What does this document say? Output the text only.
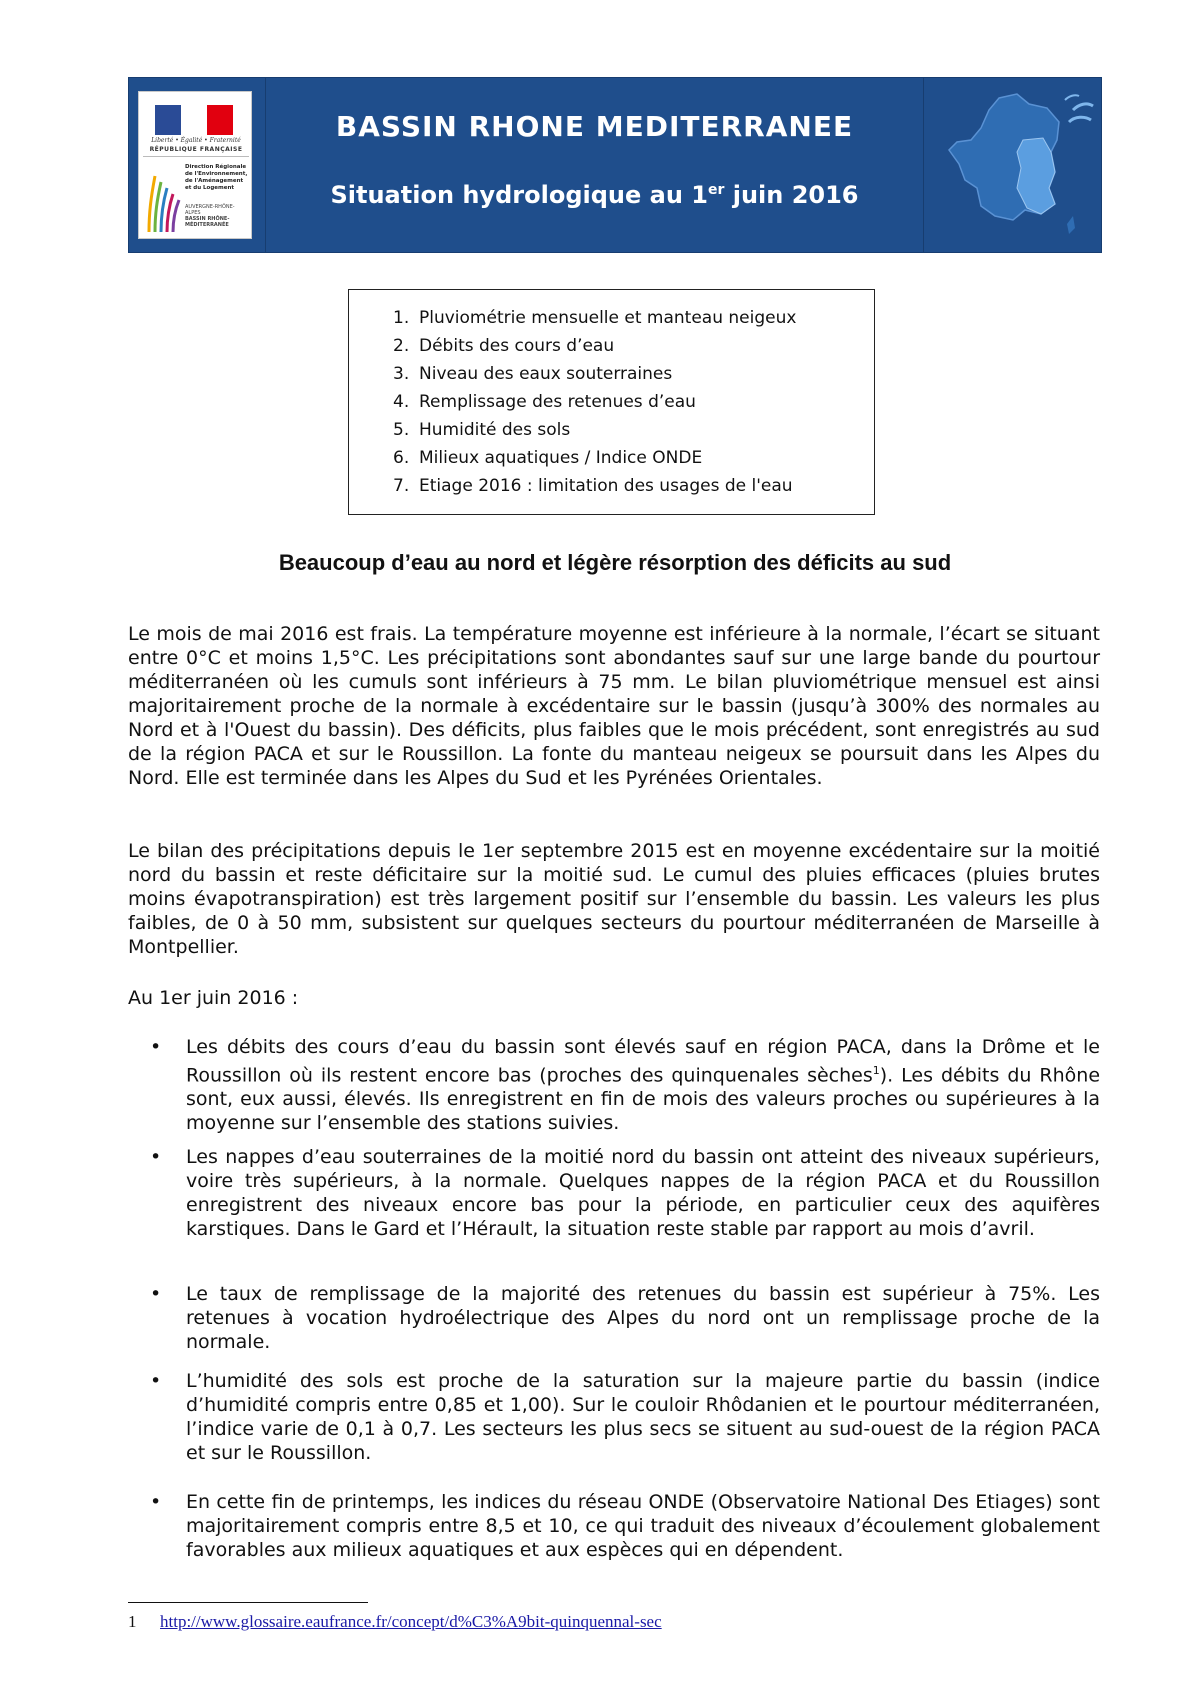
Liberté • Égalité • Fraternité
RÉPUBLIQUE FRANÇAISE
Direction Régionale de l'Environnement, de l'Aménagement et du Logement
AUVERGNE-RHÔNE-ALPES
BASSIN RHÔNE-MÉDITERRANÉE
BASSIN RHONE MEDITERRANEE
Situation hydrologique au 1er juin 2016
1. Pluviométrie mensuelle et manteau neigeux
2. Débits des cours d’eau
3. Niveau des eaux souterraines
4. Remplissage des retenues d’eau
5. Humidité des sols
6. Milieux aquatiques / Indice ONDE
7. Etiage 2016 : limitation des usages de l'eau
Beaucoup d’eau au nord et légère résorption des déficits au sud

Le mois de mai 2016 est frais. La température moyenne est inférieure à la normale, l’écart se situant entre 0°C et moins 1,5°C. Les précipitations sont abondantes sauf sur une large bande du pourtour méditerranéen où les cumuls sont inférieurs à 75 mm. Le bilan pluviométrique mensuel est ainsi majoritairement proche de la normale à excédentaire sur le bassin (jusqu’à 300% des normales au Nord et à l'Ouest du bassin). Des déficits, plus faibles que le mois précédent, sont enregistrés au sud de la région PACA et sur le Roussillon. La fonte du manteau neigeux se poursuit dans les Alpes du Nord. Elle est terminée dans les Alpes du Sud et les Pyrénées Orientales.

Le bilan des précipitations depuis le 1er septembre 2015 est en moyenne excédentaire sur la moitié nord du bassin et reste déficitaire sur la moitié sud. Le cumul des pluies efficaces (pluies brutes moins évapotranspiration) est très largement positif sur l’ensemble du bassin. Les valeurs les plus faibles, de 0 à 50 mm, subsistent sur quelques secteurs du pourtour méditerranéen de Marseille à Montpellier.

Au 1er juin 2016 :

• Les débits des cours d’eau du bassin sont élevés sauf en région PACA, dans la Drôme et le Roussillon où ils restent encore bas (proches des quinquenales sèches$^1$). Les débits du Rhône sont, eux aussi, élevés. Ils enregistrent en fin de mois des valeurs proches ou supérieures à la moyenne sur l’ensemble des stations suivies.
• Les nappes d’eau souterraines de la moitié nord du bassin ont atteint des niveaux supérieurs, voire très supérieurs, à la normale. Quelques nappes de la région PACA et du Roussillon enregistrent des niveaux encore bas pour la période, en particulier ceux des aquifères karstiques. Dans le Gard et l’Hérault, la situation reste stable par rapport au mois d’avril.
• Le taux de remplissage de la majorité des retenues du bassin est supérieur à 75%. Les retenues à vocation hydroélectrique des Alpes du nord ont un remplissage proche de la normale.
• L’humidité des sols est proche de la saturation sur la majeure partie du bassin (indice d’humidité compris entre 0,85 et 1,00). Sur le couloir Rhôdanien et le pourtour méditerranéen, l’indice varie de 0,1 à 0,7. Les secteurs les plus secs se situent au sud-ouest de la région PACA et sur le Roussillon.
• En cette fin de printemps, les indices du réseau ONDE (Observatoire National Des Etiages) sont majoritairement compris entre 8,5 et 10, ce qui traduit des niveaux d’écoulement globalement favorables aux milieux aquatiques et aux espèces qui en dépendent.
1 http://www.glossaire.eaufrance.fr/concept/d%C3%A9bit-quinquennal-sec
